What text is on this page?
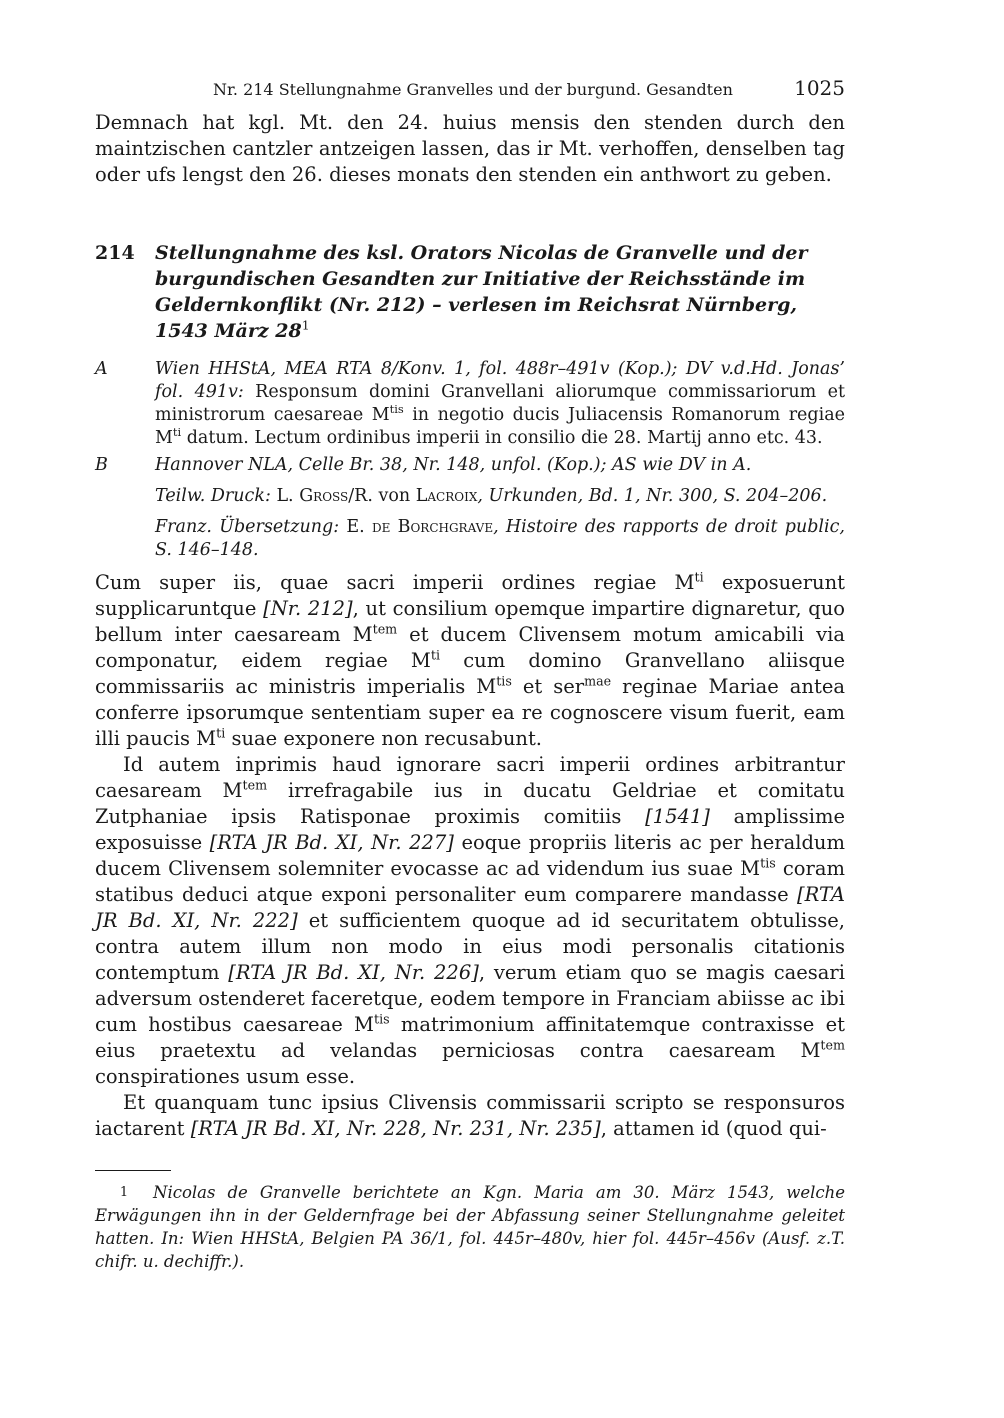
Nr. 214 Stellungnahme Granvelles und der burgund. Gesandten	1025

Demnach hat kgl. Mt. den 24. huius mensis den stenden durch den maintzischen cantzler antzeigen lassen, das ir Mt. verhoffen, denselben tag oder ufs lengst den 26. dieses monats den stenden ein anthwort zu geben.

214	Stellungnahme des ksl. Orators Nicolas de Granvelle und der burgundischen Gesandten zur Initiative der Reichsstände im Geldernkonflikt (Nr. 212) – verlesen im Reichsrat Nürnberg, 1543 März $28^1$
A	Wien HHStA, MEA RTA 8/Konv. 1, fol. 488r–491v (Kop.); DV v.d.Hd. Jonas’ fol. 491v: Responsum domini Granvellani aliorumque commissariorum et ministrorum caesareae $M^{tis}$ in negotio ducis Juliacensis Romanorum regiae $M^{ti}$ datum. Lectum ordinibus imperii in consilio die 28. Martij anno etc. 43.
B	Hannover NLA, Celle Br. 38, Nr. 148, unfol. (Kop.); AS wie DV in A.
Teilw. Druck: L. Groß/R. von Lacroix, Urkunden, Bd. 1, Nr. 300, S. 204–206.
Franz. Übersetzung: E. de Borchgrave, Histoire des rapports de droit public, S. 146–148.

Cum super iis, quae sacri imperii ordines regiae $M^{ti}$ exposuerunt supplicaruntque [Nr. 212], ut consilium opemque impartire dignaretur, quo bellum inter caesaream $M^{tem}$ et ducem Clivensem motum amicabili via componatur, eidem regiae $M^{ti}$ cum domino Granvellano aliisque commissariis ac ministris imperialis $M^{tis}$ et ser$^{mae}$ reginae Mariae antea conferre ipsorumque sententiam super ea re cognoscere visum fuerit, eam illi paucis $M^{ti}$ suae exponere non recusabunt.

Id autem inprimis haud ignorare sacri imperii ordines arbitrantur caesaream $M^{tem}$ irrefragabile ius in ducatu Geldriae et comitatu Zutphaniae ipsis Ratisponae proximis comitiis [1541] amplissime exposuisse [RTA JR Bd. XI, Nr. 227] eoque propriis literis ac per heraldum ducem Clivensem solemniter evocasse ac ad videndum ius suae $M^{tis}$ coram statibus deduci atque exponi personaliter eum comparere mandasse [RTA JR Bd. XI, Nr. 222] et sufficientem quoque ad id securitatem obtulisse, contra autem illum non modo in eius modi personalis citationis contemptum [RTA JR Bd. XI, Nr. 226], verum etiam quo se magis caesari adversum ostenderet faceretque, eodem tempore in Franciam abiisse ac ibi cum hostibus caesareae $M^{tis}$ matrimonium affinitatemque contraxisse et eius praetextu ad velandas perniciosas contra caesaream $M^{tem}$ conspirationes usum esse.

Et quanquam tunc ipsius Clivensis commissarii scripto se responsuros iactarent [RTA JR Bd. XI, Nr. 228, Nr. 231, Nr. 235], attamen id (quod qui-

1 Nicolas de Granvelle berichtete an Kgn. Maria am 30. März 1543, welche Erwägungen ihn in der Geldernfrage bei der Abfassung seiner Stellungnahme geleitet hatten. In: Wien HHStA, Belgien PA 36/1, fol. 445r–480v, hier fol. 445r–456v (Ausf. z.T. chifr. u. dechiffr.).
